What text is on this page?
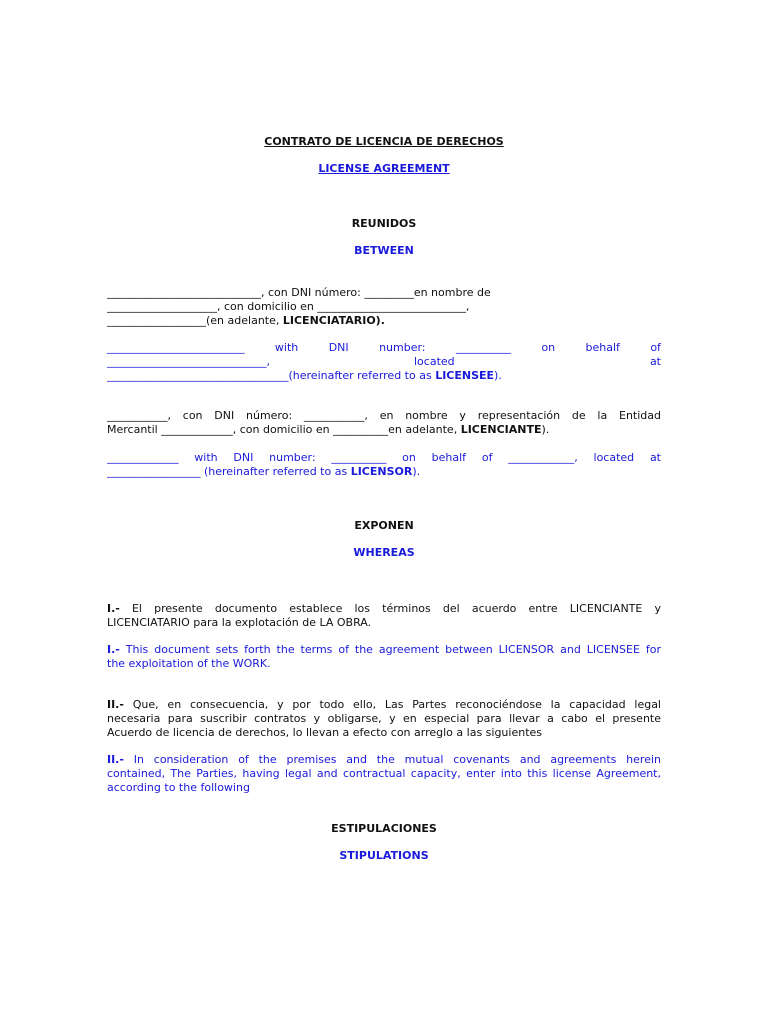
CONTRATO DE LICENCIA DE DERECHOS
LICENSE AGREEMENT
REUNIDOS
BETWEEN
____________________________, con DNI número: _________en nombre de
____________________, con domicilio en ___________________________,
__________________(en adelante, LICENCIATARIO).
_________________________	with	DNI	number:	__________	on	behalf	of
_____________________________,	located	at
_________________________________(hereinafter referred to as LICENSEE).
___________, con DNI número: ___________, en nombre y representación de la Entidad
Mercantil _____________, con domicilio en __________en adelante, LICENCIANTE).
_____________ with DNI number: __________ on behalf of ____________, located at
_________________ (hereinafter referred to as LICENSOR).
EXPONEN
WHEREAS
I.- El presente documento establece los términos del acuerdo entre LICENCIANTE y
LICENCIATARIO para la explotación de LA OBRA.
I.- This document sets forth the terms of the agreement between LICENSOR and LICENSEE for
the exploitation of the WORK.
II.- Que, en consecuencia, y por todo ello, Las Partes reconociéndose la capacidad legal
necesaria para suscribir contratos y obligarse, y en especial para llevar a cabo el presente
Acuerdo de licencia de derechos, lo llevan a efecto con arreglo a las siguientes
II.- In consideration of the premises and the mutual covenants and agreements herein
contained, The Parties, having legal and contractual capacity, enter into this license Agreement,
according to the following
ESTIPULACIONES
STIPULATIONS
